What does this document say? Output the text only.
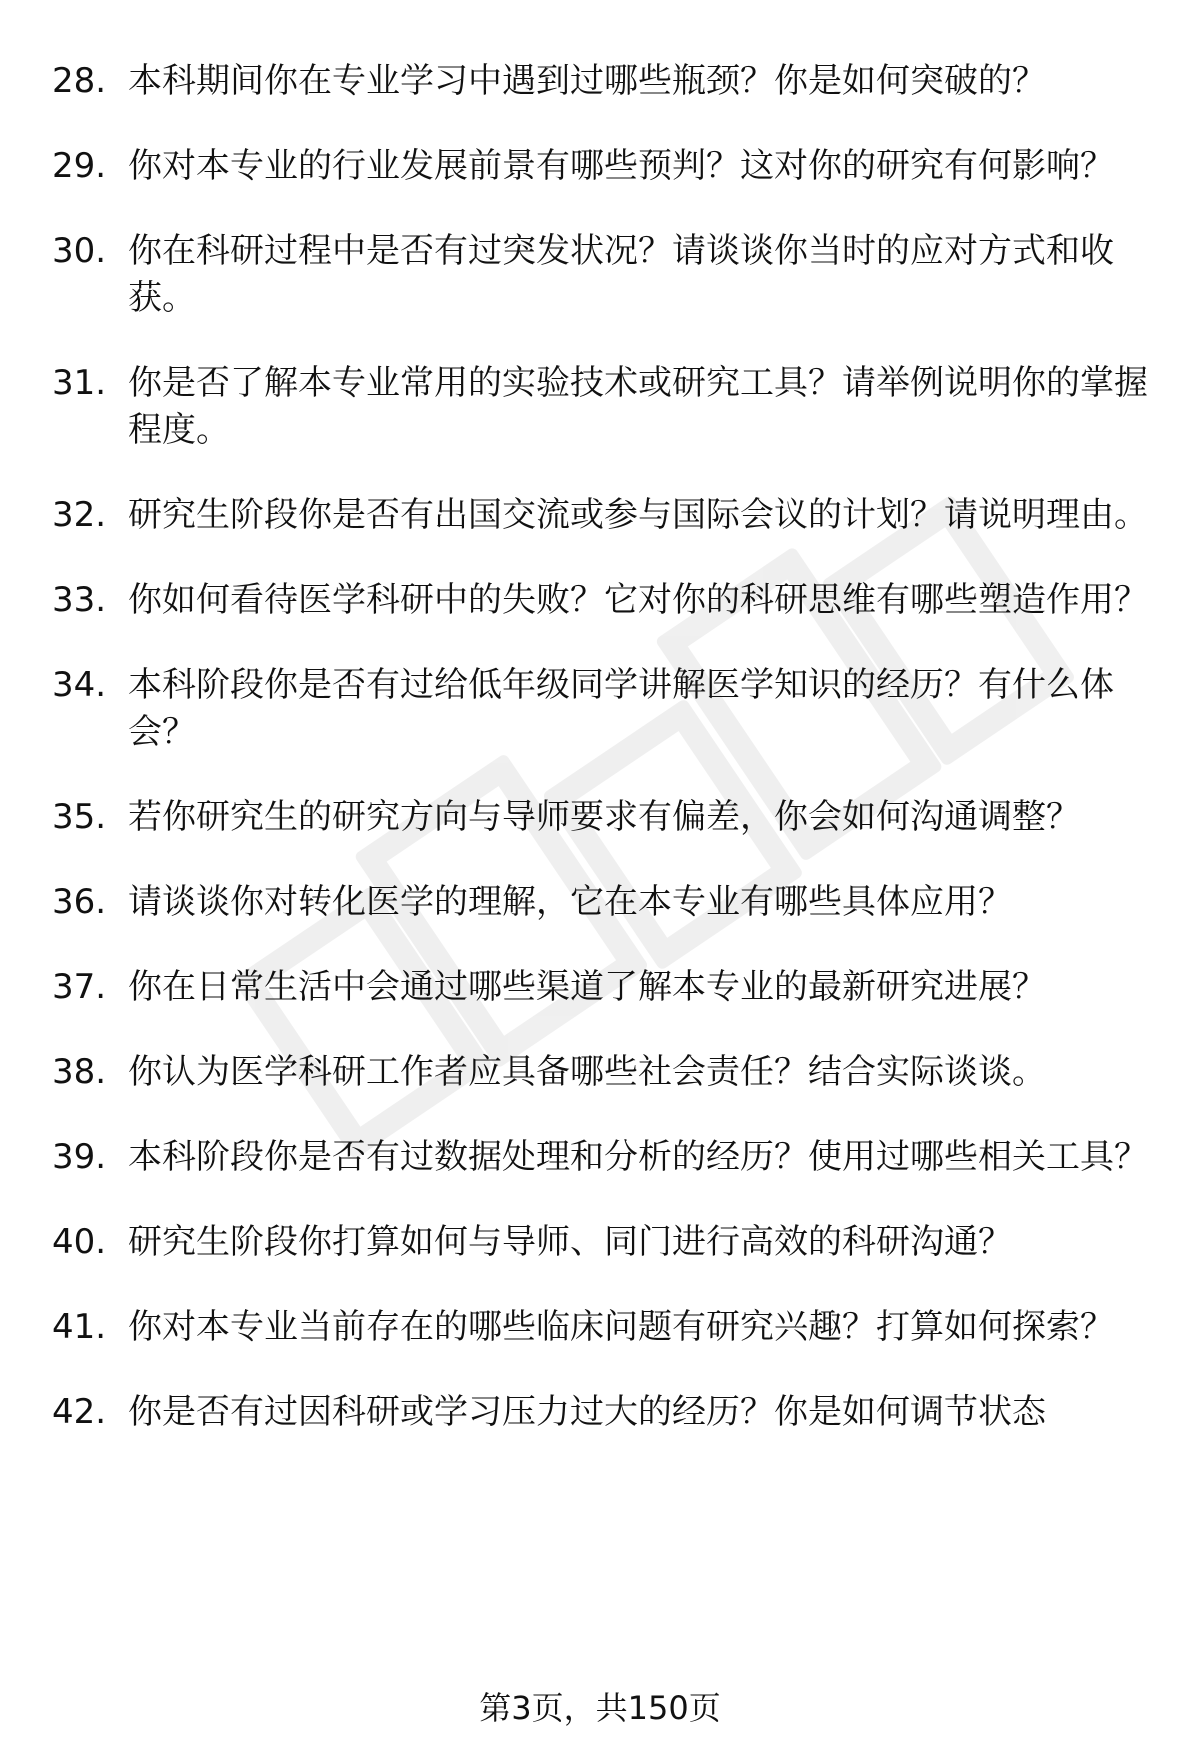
28. 本科期间你在专业学习中遇到过哪些瓶颈？你是如何突破的？
29. 你对本专业的行业发展前景有哪些预判？这对你的研究有何影响？
30. 你在科研过程中是否有过突发状况？请谈谈你当时的应对方式和收获。
31. 你是否了解本专业常用的实验技术或研究工具？请举例说明你的掌握程度。
32. 研究生阶段你是否有出国交流或参与国际会议的计划？请说明理由。
33. 你如何看待医学科研中的失败？它对你的科研思维有哪些塑造作用？
34. 本科阶段你是否有过给低年级同学讲解医学知识的经历？有什么体会？
35. 若你研究生的研究方向与导师要求有偏差，你会如何沟通调整？
36. 请谈谈你对转化医学的理解，它在本专业有哪些具体应用？
37. 你在日常生活中会通过哪些渠道了解本专业的最新研究进展？
38. 你认为医学科研工作者应具备哪些社会责任？结合实际谈谈。
39. 本科阶段你是否有过数据处理和分析的经历？使用过哪些相关工具？
40. 研究生阶段你打算如何与导师、同门进行高效的科研沟通？
41. 你对本专业当前存在的哪些临床问题有研究兴趣？打算如何探索？
42. 你是否有过因科研或学习压力过大的经历？你是如何调节状态
第3页，共150页
